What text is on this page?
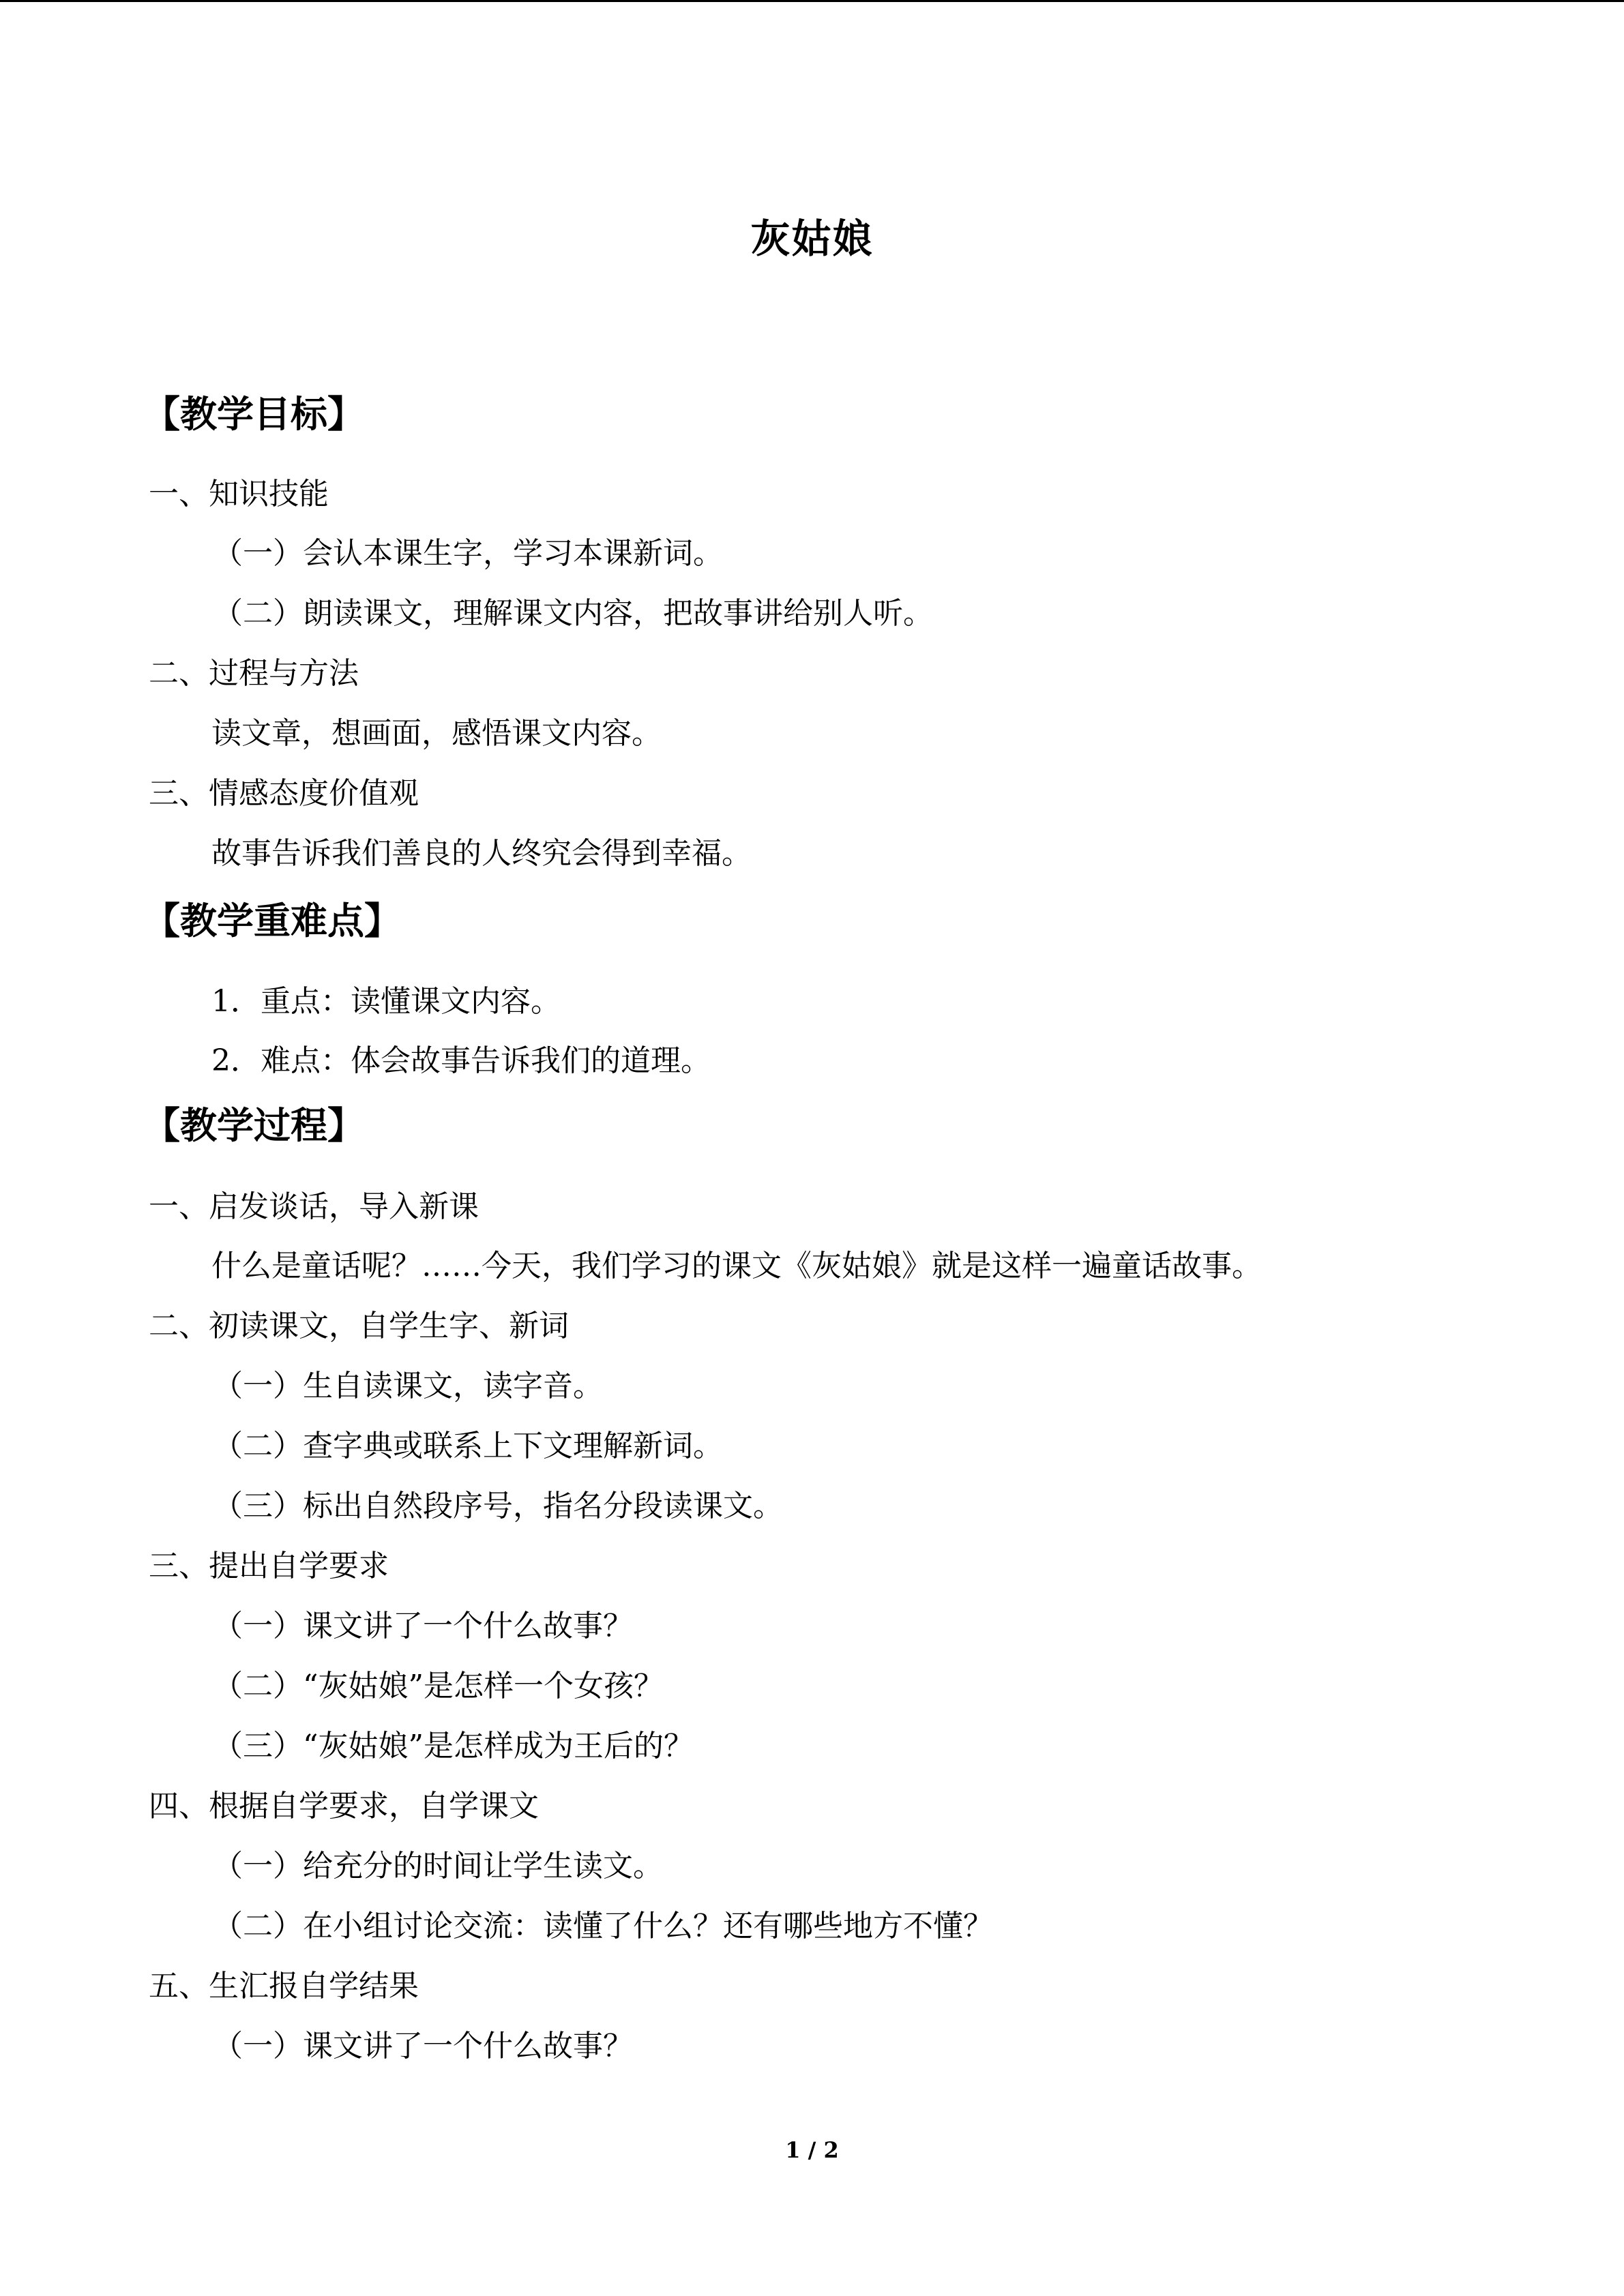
灰姑娘
【教学目标】
一、知识技能
（一）会认本课生字，学习本课新词。
（二）朗读课文，理解课文内容，把故事讲给别人听。
二、过程与方法
读文章，想画面，感悟课文内容。
三、情感态度价值观
故事告诉我们善良的人终究会得到幸福。
【教学重难点】
1．重点：读懂课文内容。
2．难点：体会故事告诉我们的道理。
【教学过程】
一、启发谈话，导入新课
什么是童话呢？……今天，我们学习的课文《灰姑娘》就是这样一遍童话故事。
二、初读课文，自学生字、新词
（一）生自读课文，读字音。
（二）查字典或联系上下文理解新词。
（三）标出自然段序号，指名分段读课文。
三、提出自学要求
（一）课文讲了一个什么故事？
（二）“灰姑娘”是怎样一个女孩？
（三）“灰姑娘”是怎样成为王后的？
四、根据自学要求，自学课文
（一）给充分的时间让学生读文。
（二）在小组讨论交流：读懂了什么？还有哪些地方不懂？
五、生汇报自学结果
（一）课文讲了一个什么故事？
1 / 2
